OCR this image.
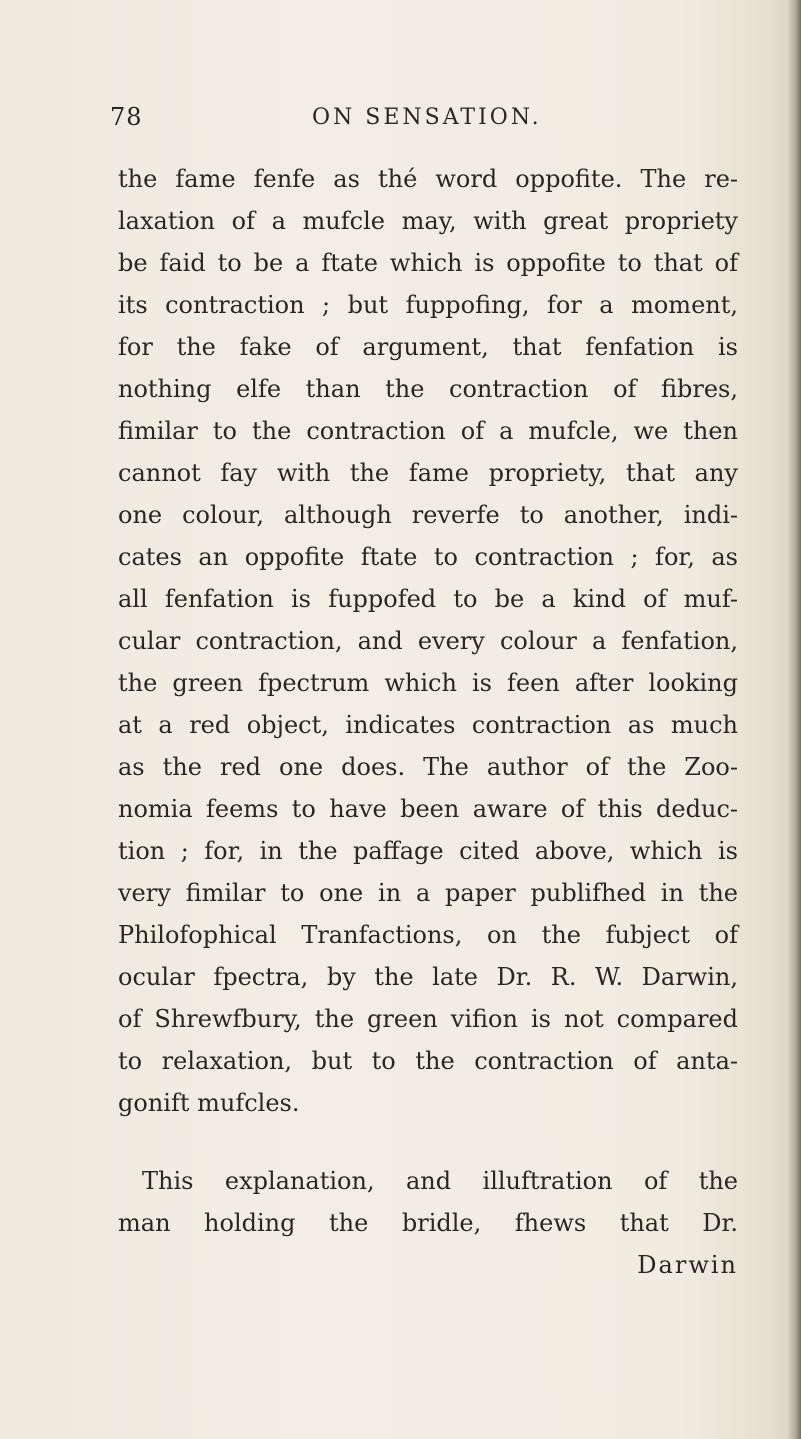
78	ON SENSATION.
the fame fenfe as thé word oppofite. The re-
laxation of a mufcle may, with great propriety
be faid to be a ftate which is oppofite to that of
its contraction ; but fuppofing, for a moment,
for the fake of argument, that fenfation is
nothing elfe than the contraction of fibres,
fimilar to the contraction of a mufcle, we then
cannot fay with the fame propriety, that any
one colour, although reverfe to another, indi-
cates an oppofite ftate to contraction ; for, as
all fenfation is fuppofed to be a kind of muf-
cular contraction, and every colour a fenfation,
the green fpectrum which is feen after looking
at a red object, indicates contraction as much
as the red one does. The author of the Zoo-
nomia feems to have been aware of this deduc-
tion ; for, in the paffage cited above, which is
very fimilar to one in a paper publifhed in the
Philofophical Tranfactions, on the fubject of
ocular fpectra, by the late Dr. R. W. Darwin,
of Shrewfbury, the green vifion is not compared
to relaxation, but to the contraction of anta-
gonift mufcles.
This explanation, and illuftration of the
man holding the bridle, fhews that Dr.
Darwin
